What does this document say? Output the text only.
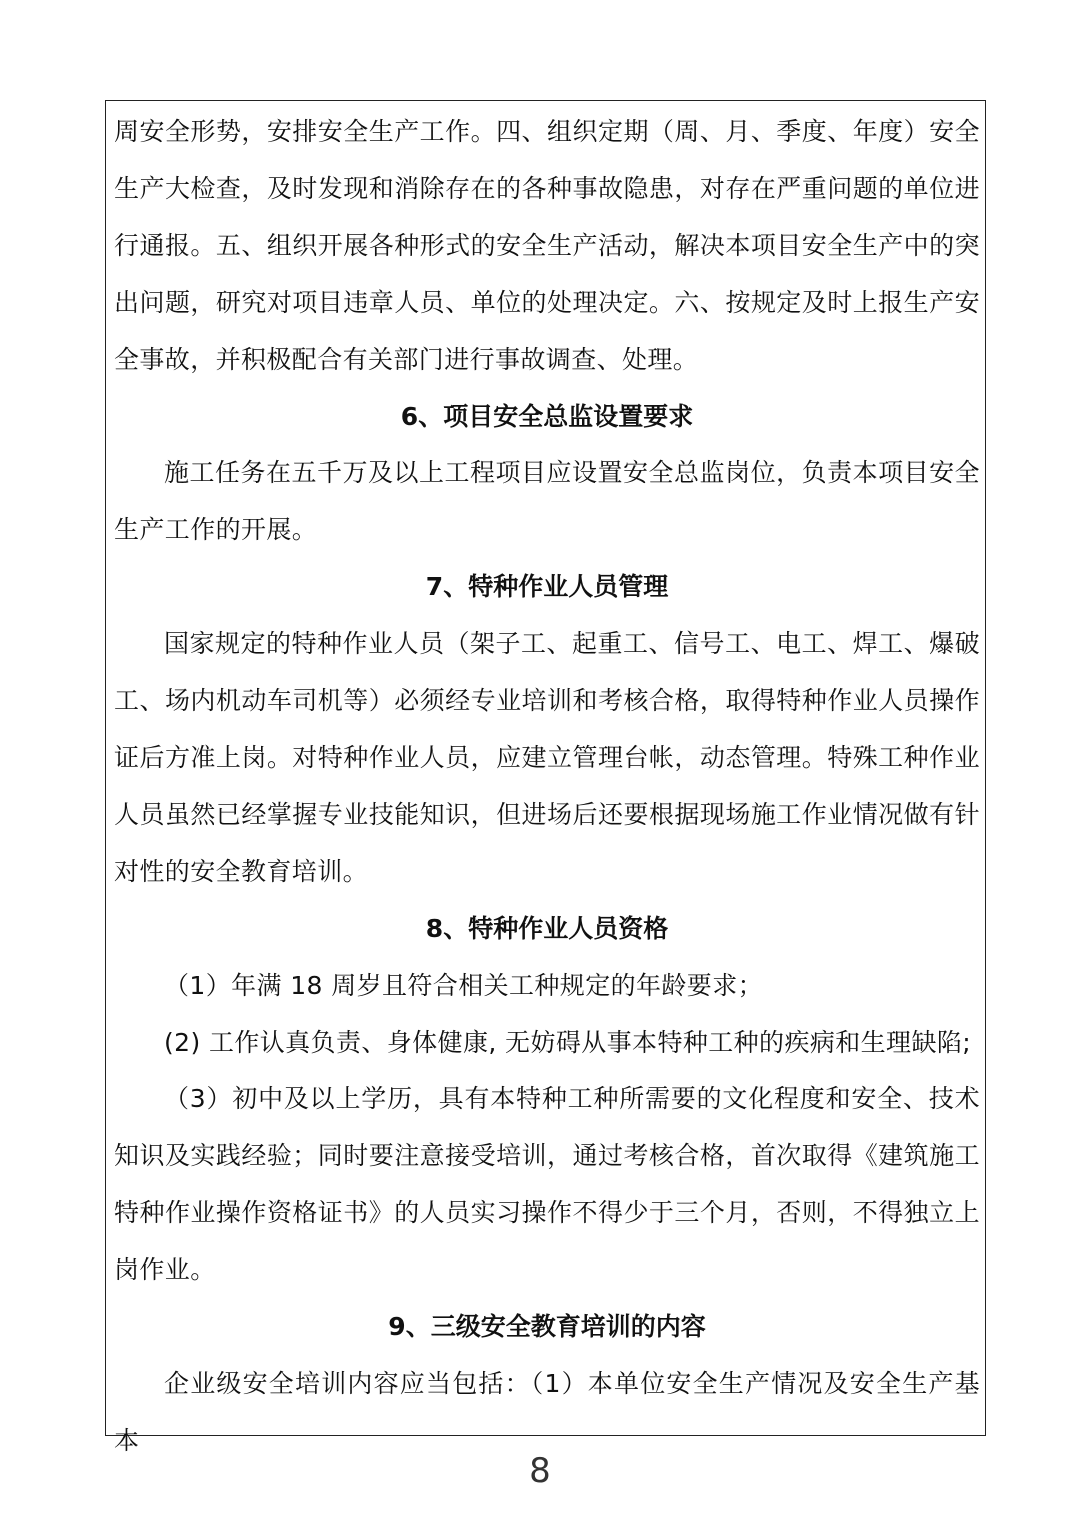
周安全形势，安排安全生产工作。四、组织定期（周、月、季度、年度）安全生产大检查，及时发现和消除存在的各种事故隐患，对存在严重问题的单位进行通报。五、组织开展各种形式的安全生产活动，解决本项目安全生产中的突出问题，研究对项目违章人员、单位的处理决定。六、按规定及时上报生产安全事故，并积极配合有关部门进行事故调查、处理。

6、项目安全总监设置要求

施工任务在五千万及以上工程项目应设置安全总监岗位，负责本项目安全生产工作的开展。

7、特种作业人员管理

国家规定的特种作业人员（架子工、起重工、信号工、电工、焊工、爆破工、场内机动车司机等）必须经专业培训和考核合格，取得特种作业人员操作证后方准上岗。对特种作业人员，应建立管理台帐，动态管理。特殊工种作业人员虽然已经掌握专业技能知识，但进场后还要根据现场施工作业情况做有针对性的安全教育培训。

8、特种作业人员资格

（1）年满 18 周岁且符合相关工种规定的年龄要求；

(2) 工作认真负责、身体健康, 无妨碍从事本特种工种的疾病和生理缺陷;

（3）初中及以上学历，具有本特种工种所需要的文化程度和安全、技术知识及实践经验；同时要注意接受培训，通过考核合格，首次取得《建筑施工特种作业操作资格证书》的人员实习操作不得少于三个月，否则，不得独立上岗作业。

9、三级安全教育培训的内容

企业级安全培训内容应当包括：（1）本单位安全生产情况及安全生产基本

8
